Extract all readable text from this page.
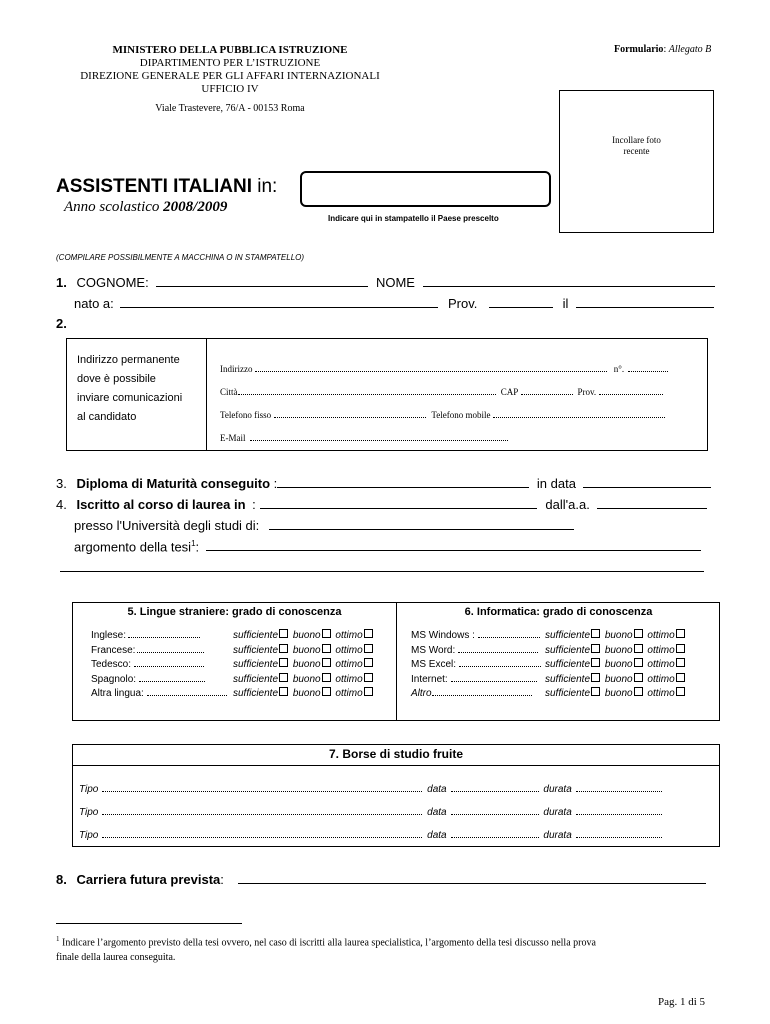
MINISTERO DELLA PUBBLICA ISTRUZIONE
DIPARTIMENTO PER L’ISTRUZIONE
DIREZIONE GENERALE PER GLI AFFARI INTERNAZIONALI
UFFICIO IV
Viale Trastevere, 76/A - 00153 Roma
Formulario: Allegato B
Incollare foto
recente
ASSISTENTI ITALIANI in:
Anno scolastico 2008/2009
Indicare qui in stampatello il Paese prescelto
(COMPILARE POSSIBILMENTE A MACCHINA O IN STAMPATELLO)
1. COGNOME:	NOME
nato a:	Prov.	il
2.
Indirizzo permanente
dove è possibile
inviare comunicazioni
al candidato
Indirizzo	n°.
Città	CAP	Prov.
Telefono fisso	Telefono mobile
E-Mail
3. Diploma di Maturità conseguito :	in data
4. Iscritto al corso di laurea in :	dall'a.a.
presso l'Università degli studi di:
argomento della tesi$^1$:
5. Lingue straniere: grado di conoscenza	6. Informatica: grado di conoscenza
Inglese:	sufficiente buono ottimo
Francese:	sufficiente buono ottimo
Tedesco:	sufficiente buono ottimo
Spagnolo:	sufficiente buono ottimo
Altra lingua:	sufficiente buono ottimo
MS Windows :	sufficiente buono ottimo
MS Word:	sufficiente buono ottimo
MS Excel:	sufficiente buono ottimo
Internet:	sufficiente buono ottimo
Altro	sufficiente buono ottimo
7. Borse di studio fruite
Tipo	data	durata
Tipo	data	durata
Tipo	data	durata
8. Carriera futura prevista:
$^1$ Indicare l’argomento previsto della tesi ovvero, nel caso di iscritti alla laurea specialistica, l’argomento della tesi discusso nella prova
finale della laurea conseguita.
Pag. 1 di 5
